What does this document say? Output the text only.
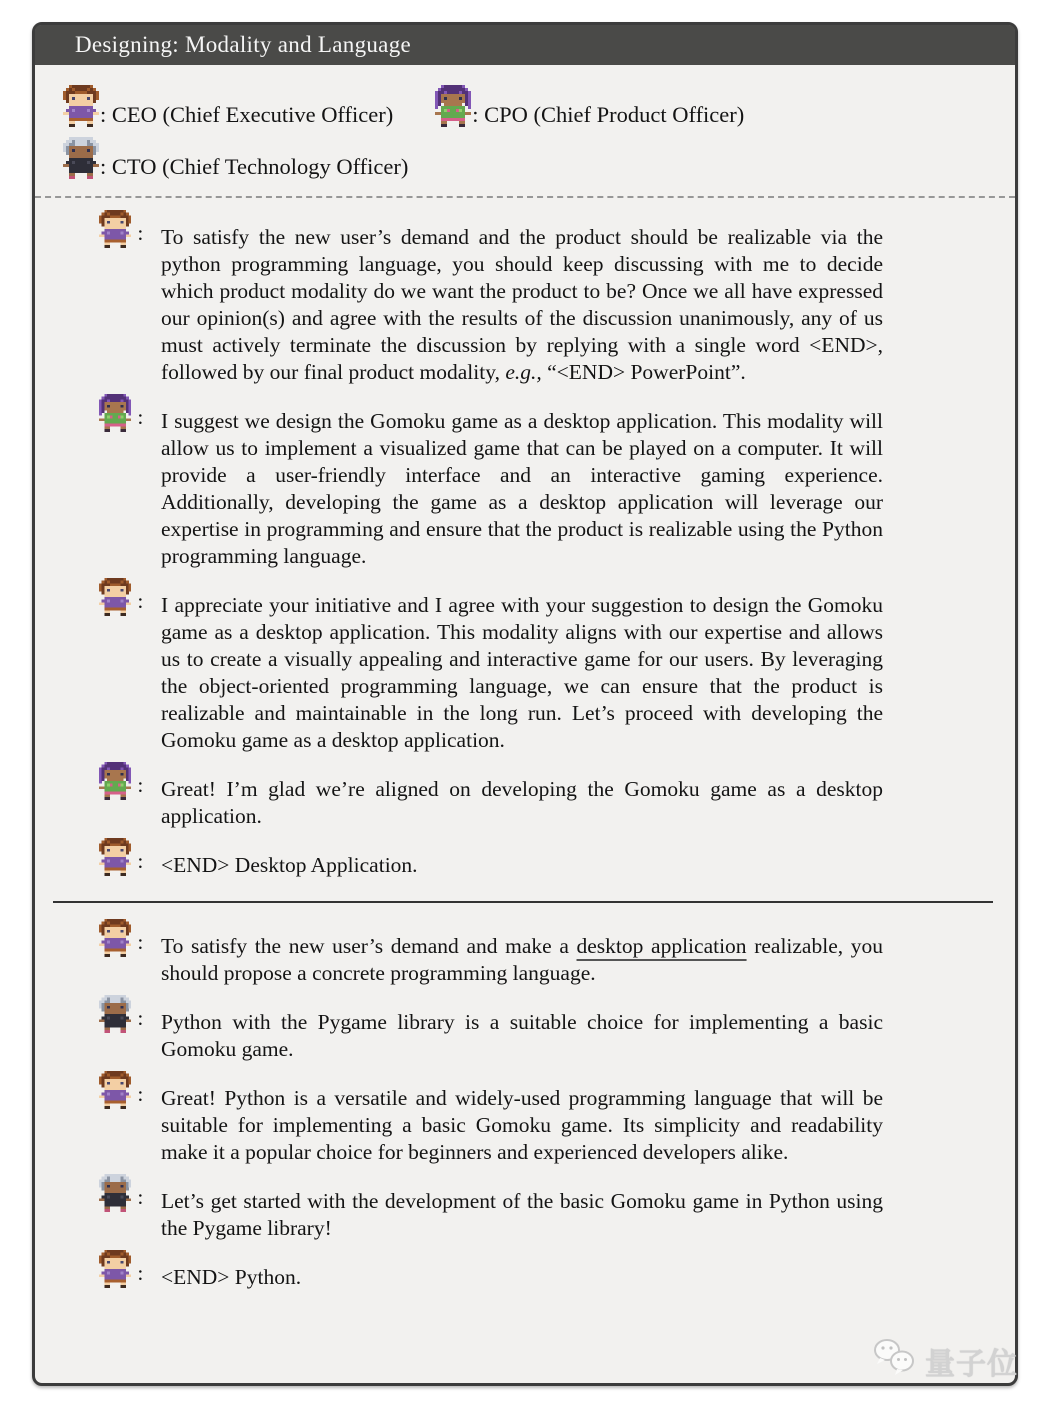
Designing: Modality and Language
: CEO (Chief Executive Officer)	: CPO (Chief Product Officer)
: CTO (Chief Technology Officer)
: To satisfy the new user’s demand and the product should be realizable via the python programming language, you should keep discussing with me to decide which product modality do we want the product to be? Once we all have expressed our opinion(s) and agree with the results of the discussion unanimously, any of us must actively terminate the discussion by replying with a single word <END>, followed by our final product modality, e.g., “<END> PowerPoint”.
: I suggest we design the Gomoku game as a desktop application. This modality will allow us to implement a visualized game that can be played on a computer. It will provide a user-friendly interface and an interactive gaming experience. Additionally, developing the game as a desktop application will leverage our expertise in programming and ensure that the product is realizable using the Python programming language.
: I appreciate your initiative and I agree with your suggestion to design the Gomoku game as a desktop application. This modality aligns with our expertise and allows us to create a visually appealing and interactive game for our users. By leveraging the object-oriented programming language, we can ensure that the product is realizable and maintainable in the long run. Let’s proceed with developing the Gomoku game as a desktop application.
: Great! I’m glad we’re aligned on developing the Gomoku game as a desktop application.
: <END> Desktop Application.
: To satisfy the new user’s demand and make a desktop application realizable, you should propose a concrete programming language.
: Python with the Pygame library is a suitable choice for implementing a basic Gomoku game.
: Great! Python is a versatile and widely-used programming language that will be suitable for implementing a basic Gomoku game. Its simplicity and readability make it a popular choice for beginners and experienced developers alike.
: Let’s get started with the development of the basic Gomoku game in Python using the Pygame library!
: <END> Python.
量子位
